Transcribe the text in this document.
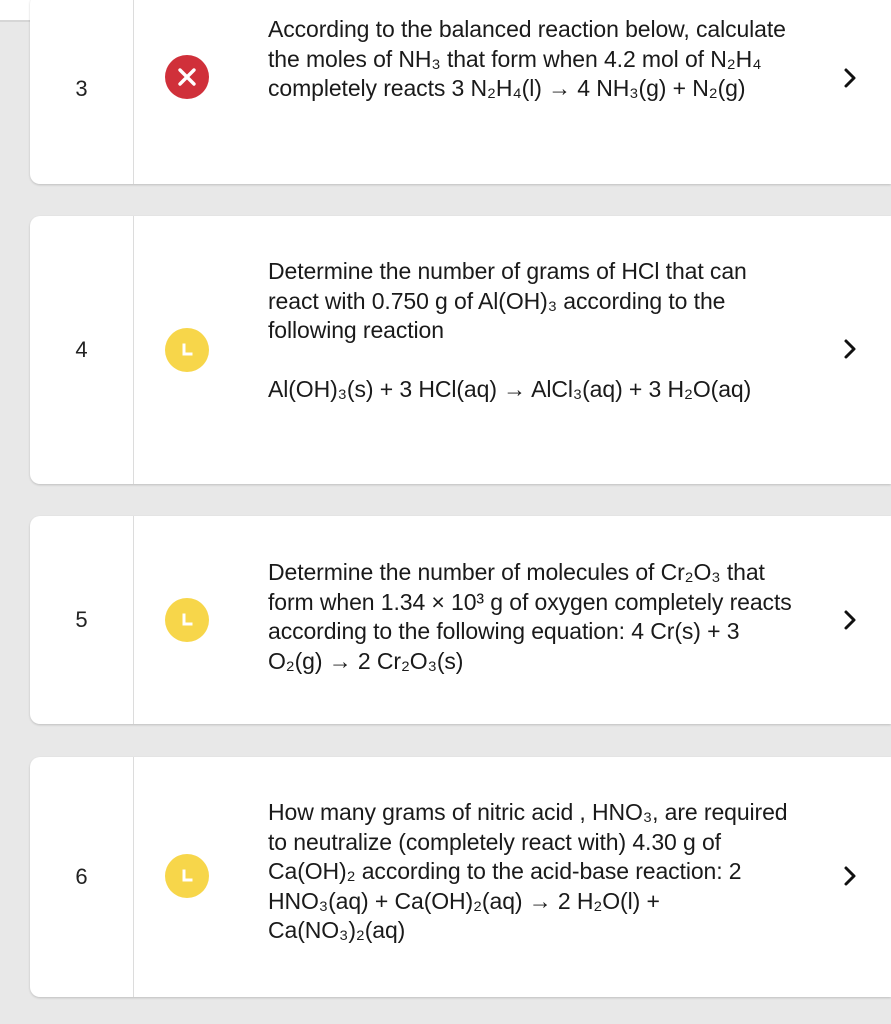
3

According to the balanced reaction below, calculate the moles of NH₃ that form when 4.2 mol of N₂H₄ completely reacts 3 N₂H₄(l) → 4 NH₃(g) + N₂(g)

4

Determine the number of grams of HCl that can react with 0.750 g of Al(OH)₃ according to the following reaction

Al(OH)₃(s) + 3 HCl(aq) → AlCl₃(aq) + 3 H₂O(aq)

5

Determine the number of molecules of Cr₂O₃ that form when 1.34 × 10³ g of oxygen completely reacts according to the following equation: 4 Cr(s) + 3 O₂(g) → 2 Cr₂O₃(s)

6

How many grams of nitric acid , HNO₃, are required to neutralize (completely react with) 4.30 g of Ca(OH)₂ according to the acid-base reaction: 2 HNO₃(aq) + Ca(OH)₂(aq) → 2 H₂O(l) + Ca(NO₃)₂(aq)
